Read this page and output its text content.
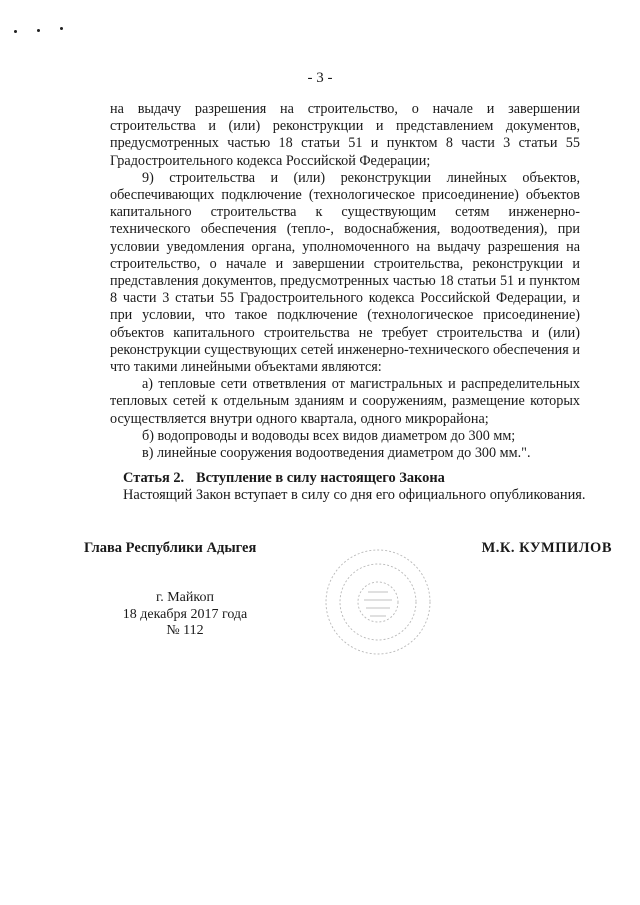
- 3 -

на выдачу разрешения на строительство, о начале и завершении строительства и (или) реконструкции и представлением документов, предусмотренных частью 18 статьи 51 и пунктом 8 части 3 статьи 55 Градостроительного кодекса Российской Федерации;

9) строительства и (или) реконструкции линейных объектов, обеспечивающих подключение (технологическое присоединение) объектов капитального строительства к существующим сетям инженерно-технического обеспечения (тепло-, водоснабжения, водоотведения), при условии уведомления органа, уполномоченного на выдачу разрешения на строительство, о начале и завершении строительства, реконструкции и представления документов, предусмотренных частью 18 статьи 51 и пунктом 8 части 3 статьи 55 Градостроительного кодекса Российской Федерации, и при условии, что такое подключение (технологическое присоединение) объектов капитального строительства не требует строительства и (или) реконструкции существующих сетей инженерно-технического обеспечения и что такими линейными объектами являются:

а) тепловые сети ответвления от магистральных и распределительных тепловых сетей к отдельным зданиям и сооружениям, размещение которых осуществляется внутри одного квартала, одного микрорайона;

б) водопроводы и водоводы всех видов диаметром до 300 мм;

в) линейные сооружения водоотведения диаметром до 300 мм.".

Статья 2. Вступление в силу настоящего Закона
Настоящий Закон вступает в силу со дня его официального опубликования.
Глава Республики Адыгея	М.К. КУМПИЛОВ
г. Майкоп
18 декабря 2017 года
№ 112
